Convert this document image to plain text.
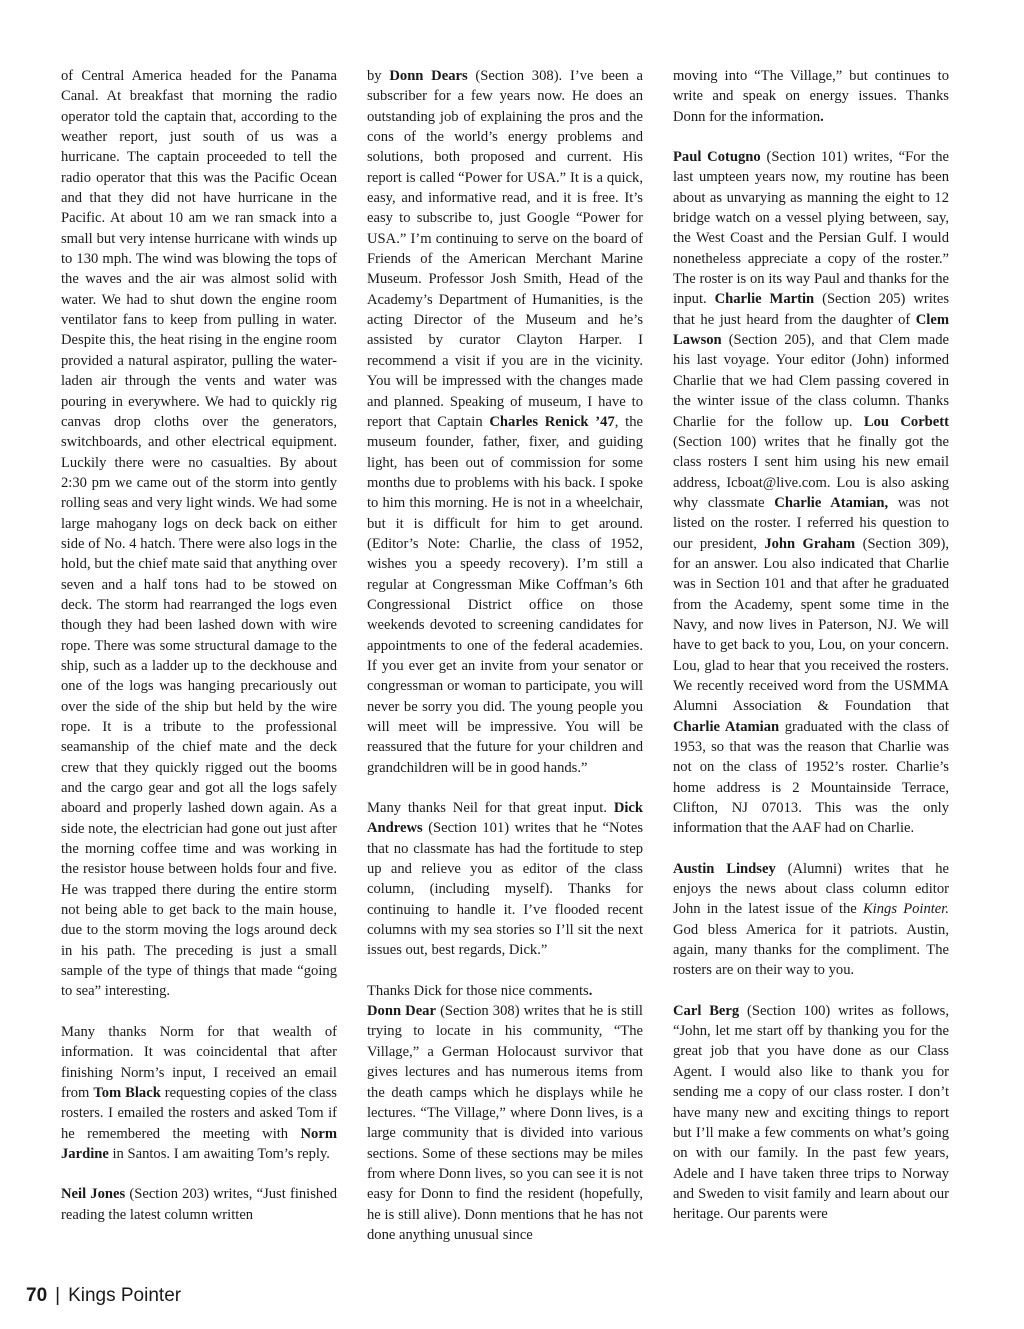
of Central America headed for the Panama Canal. At breakfast that morning the radio operator told the captain that, according to the weather report, just south of us was a hurricane. The captain proceeded to tell the radio operator that this was the Pacific Ocean and that they did not have hurricane in the Pacific. At about 10 am we ran smack into a small but very intense hurricane with winds up to 130 mph. The wind was blowing the tops of the waves and the air was almost solid with water. We had to shut down the engine room ventilator fans to keep from pulling in water. Despite this, the heat rising in the engine room provided a natural aspirator, pulling the water-laden air through the vents and water was pouring in everywhere. We had to quickly rig canvas drop cloths over the generators, switchboards, and other electrical equipment. Luckily there were no casualties. By about 2:30 pm we came out of the storm into gently rolling seas and very light winds. We had some large mahogany logs on deck back on either side of No. 4 hatch. There were also logs in the hold, but the chief mate said that anything over seven and a half tons had to be stowed on deck. The storm had rearranged the logs even though they had been lashed down with wire rope. There was some structural damage to the ship, such as a ladder up to the deckhouse and one of the logs was hanging precariously out over the side of the ship but held by the wire rope. It is a tribute to the professional seamanship of the chief mate and the deck crew that they quickly rigged out the booms and the cargo gear and got all the logs safely aboard and properly lashed down again. As a side note, the electrician had gone out just after the morning coffee time and was working in the resistor house between holds four and five. He was trapped there during the entire storm not being able to get back to the main house, due to the storm moving the logs around deck in his path. The preceding is just a small sample of the type of things that made “going to sea” interesting.

Many thanks Norm for that wealth of information. It was coincidental that after finishing Norm’s input, I received an email from Tom Black requesting copies of the class rosters. I emailed the rosters and asked Tom if he remembered the meeting with Norm Jardine in Santos. I am awaiting Tom’s reply.

Neil Jones (Section 203) writes, “Just finished reading the latest column written

by Donn Dears (Section 308). I’ve been a subscriber for a few years now. He does an outstanding job of explaining the pros and the cons of the world’s energy problems and solutions, both proposed and current. His report is called “Power for USA.” It is a quick, easy, and informative read, and it is free. It’s easy to subscribe to, just Google “Power for USA.” I’m continuing to serve on the board of Friends of the American Merchant Marine Museum. Professor Josh Smith, Head of the Academy’s Department of Humanities, is the acting Director of the Museum and he’s assisted by curator Clayton Harper. I recommend a visit if you are in the vicinity. You will be impressed with the changes made and planned. Speaking of museum, I have to report that Captain Charles Renick ’47, the museum founder, father, fixer, and guiding light, has been out of commission for some months due to problems with his back. I spoke to him this morning. He is not in a wheelchair, but it is difficult for him to get around. (Editor’s Note: Charlie, the class of 1952, wishes you a speedy recovery). I’m still a regular at Congressman Mike Coffman’s 6th Congressional District office on those weekends devoted to screening candidates for appointments to one of the federal academies. If you ever get an invite from your senator or congressman or woman to participate, you will never be sorry you did. The young people you will meet will be impressive. You will be reassured that the future for your children and grandchildren will be in good hands.”

Many thanks Neil for that great input. Dick Andrews (Section 101) writes that he “Notes that no classmate has had the fortitude to step up and relieve you as editor of the class column, (including myself). Thanks for continuing to handle it. I’ve flooded recent columns with my sea stories so I’ll sit the next issues out, best regards, Dick.”

Thanks Dick for those nice comments.
Donn Dear (Section 308) writes that he is still trying to locate in his community, “The Village,” a German Holocaust survivor that gives lectures and has numerous items from the death camps which he displays while he lectures. “The Village,” where Donn lives, is a large community that is divided into various sections. Some of these sections may be miles from where Donn lives, so you can see it is not easy for Donn to find the resident (hopefully, he is still alive). Donn mentions that he has not done anything unusual since

moving into “The Village,” but continues to write and speak on energy issues. Thanks Donn for the information.

Paul Cotugno (Section 101) writes, “For the last umpteen years now, my routine has been about as unvarying as manning the eight to 12 bridge watch on a vessel plying between, say, the West Coast and the Persian Gulf. I would nonetheless appreciate a copy of the roster.” The roster is on its way Paul and thanks for the input. Charlie Martin (Section 205) writes that he just heard from the daughter of Clem Lawson (Section 205), and that Clem made his last voyage. Your editor (John) informed Charlie that we had Clem passing covered in the winter issue of the class column. Thanks Charlie for the follow up. Lou Corbett (Section 100) writes that he finally got the class rosters I sent him using his new email address, Icboat@live.com. Lou is also asking why classmate Charlie Atamian, was not listed on the roster. I referred his question to our president, John Graham (Section 309), for an answer. Lou also indicated that Charlie was in Section 101 and that after he graduated from the Academy, spent some time in the Navy, and now lives in Paterson, NJ. We will have to get back to you, Lou, on your concern. Lou, glad to hear that you received the rosters. We recently received word from the USMMA Alumni Association & Foundation that Charlie Atamian graduated with the class of 1953, so that was the reason that Charlie was not on the class of 1952’s roster. Charlie’s home address is 2 Mountainside Terrace, Clifton, NJ 07013. This was the only information that the AAF had on Charlie.

Austin Lindsey (Alumni) writes that he enjoys the news about class column editor John in the latest issue of the Kings Pointer. God bless America for it patriots. Austin, again, many thanks for the compliment. The rosters are on their way to you.

Carl Berg (Section 100) writes as follows, “John, let me start off by thanking you for the great job that you have done as our Class Agent. I would also like to thank you for sending me a copy of our class roster. I don’t have many new and exciting things to report but I’ll make a few comments on what’s going on with our family. In the past few years, Adele and I have taken three trips to Norway and Sweden to visit family and learn about our heritage. Our parents were

70 | Kings Pointer
